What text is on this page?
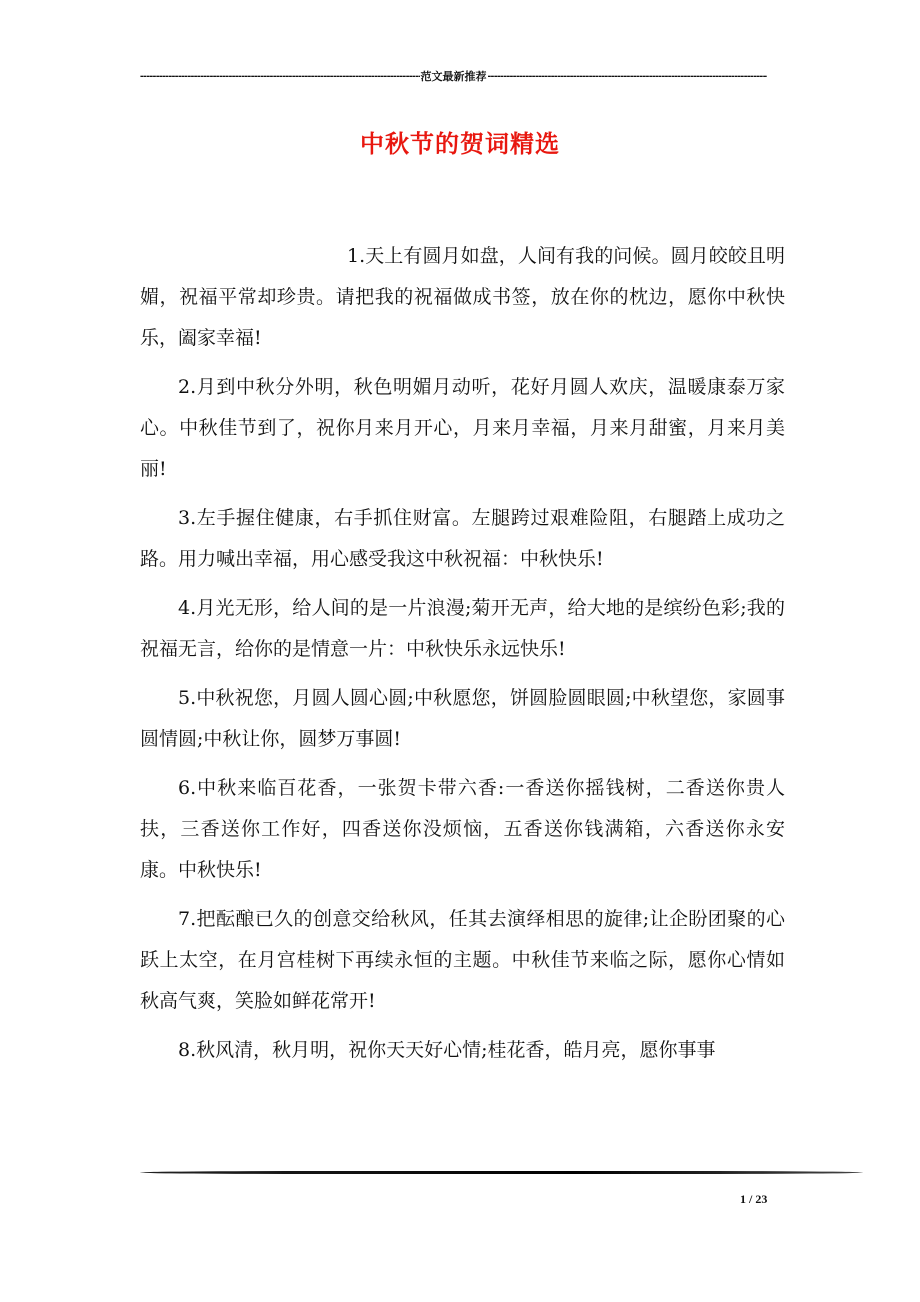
-----
范文最新推荐
-----
中秋节的贺词精选

1.天上有圆月如盘，人间有我的问候。圆月皎皎且明媚，祝福平常却珍贵。请把我的祝福做成书签，放在你的枕边，愿你中秋快乐，阖家幸福!

2.月到中秋分外明，秋色明媚月动听，花好月圆人欢庆，温暖康泰万家心。中秋佳节到了，祝你月来月开心，月来月幸福，月来月甜蜜，月来月美丽!

3.左手握住健康，右手抓住财富。左腿跨过艰难险阻，右腿踏上成功之路。用力喊出幸福，用心感受我这中秋祝福：中秋快乐!

4.月光无形，给人间的是一片浪漫;菊开无声，给大地的是缤纷色彩;我的祝福无言，给你的是情意一片：中秋快乐永远快乐!

5.中秋祝您，月圆人圆心圆;中秋愿您，饼圆脸圆眼圆;中秋望您，家圆事圆情圆;中秋让你，圆梦万事圆!

6.中秋来临百花香，一张贺卡带六香:一香送你摇钱树，二香送你贵人扶，三香送你工作好，四香送你没烦恼，五香送你钱满箱，六香送你永安康。中秋快乐!

7.把酝酿已久的创意交给秋风，任其去演绎相思的旋律;让企盼团聚的心跃上太空，在月宫桂树下再续永恒的主题。中秋佳节来临之际，愿你心情如秋高气爽，笑脸如鲜花常开!

8.秋风清，秋月明，祝你天天好心情;桂花香，皓月亮，愿你事事

1 / 23
